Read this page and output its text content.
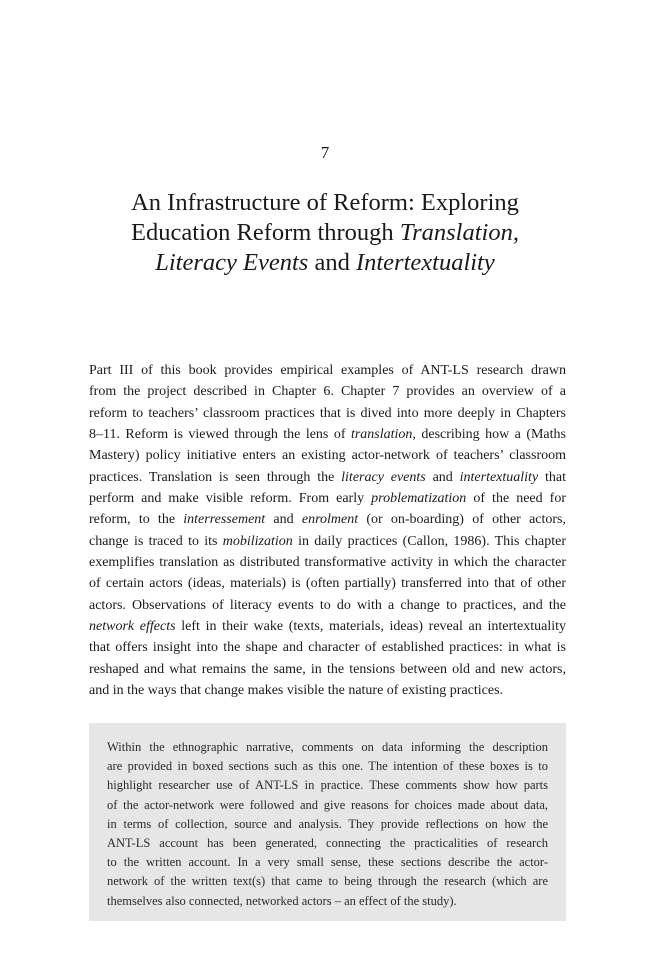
7
An Infrastructure of Reform: Exploring
Education Reform through Translation,
Literacy Events and Intertextuality
Part III of this book provides empirical examples of ANT-LS research drawn
from the project described in Chapter 6. Chapter 7 provides an overview of a
reform to teachers’ classroom practices that is dived into more deeply in Chapters
8–11. Reform is viewed through the lens of translation, describing how a (Maths
Mastery) policy initiative enters an existing actor-network of teachers’ classroom
practices. Translation is seen through the literacy events and intertextuality that
perform and make visible reform. From early problematization of the need for
reform, to the interressement and enrolment (or on-boarding) of other actors,
change is traced to its mobilization in daily practices (Callon, 1986). This chapter
exemplifies translation as distributed transformative activity in which the character
of certain actors (ideas, materials) is (often partially) transferred into that of other
actors. Observations of literacy events to do with a change to practices, and the
network effects left in their wake (texts, materials, ideas) reveal an intertextuality
that offers insight into the shape and character of established practices: in what is
reshaped and what remains the same, in the tensions between old and new actors,
and in the ways that change makes visible the nature of existing practices.
Within the ethnographic narrative, comments on data informing the description
are provided in boxed sections such as this one. The intention of these boxes is to
highlight researcher use of ANT-LS in practice. These comments show how parts
of the actor-network were followed and give reasons for choices made about data,
in terms of collection, source and analysis. They provide reflections on how the
ANT-LS account has been generated, connecting the practicalities of research
to the written account. In a very small sense, these sections describe the actor-
network of the written text(s) that came to being through the research (which are
themselves also connected, networked actors – an effect of the study).
